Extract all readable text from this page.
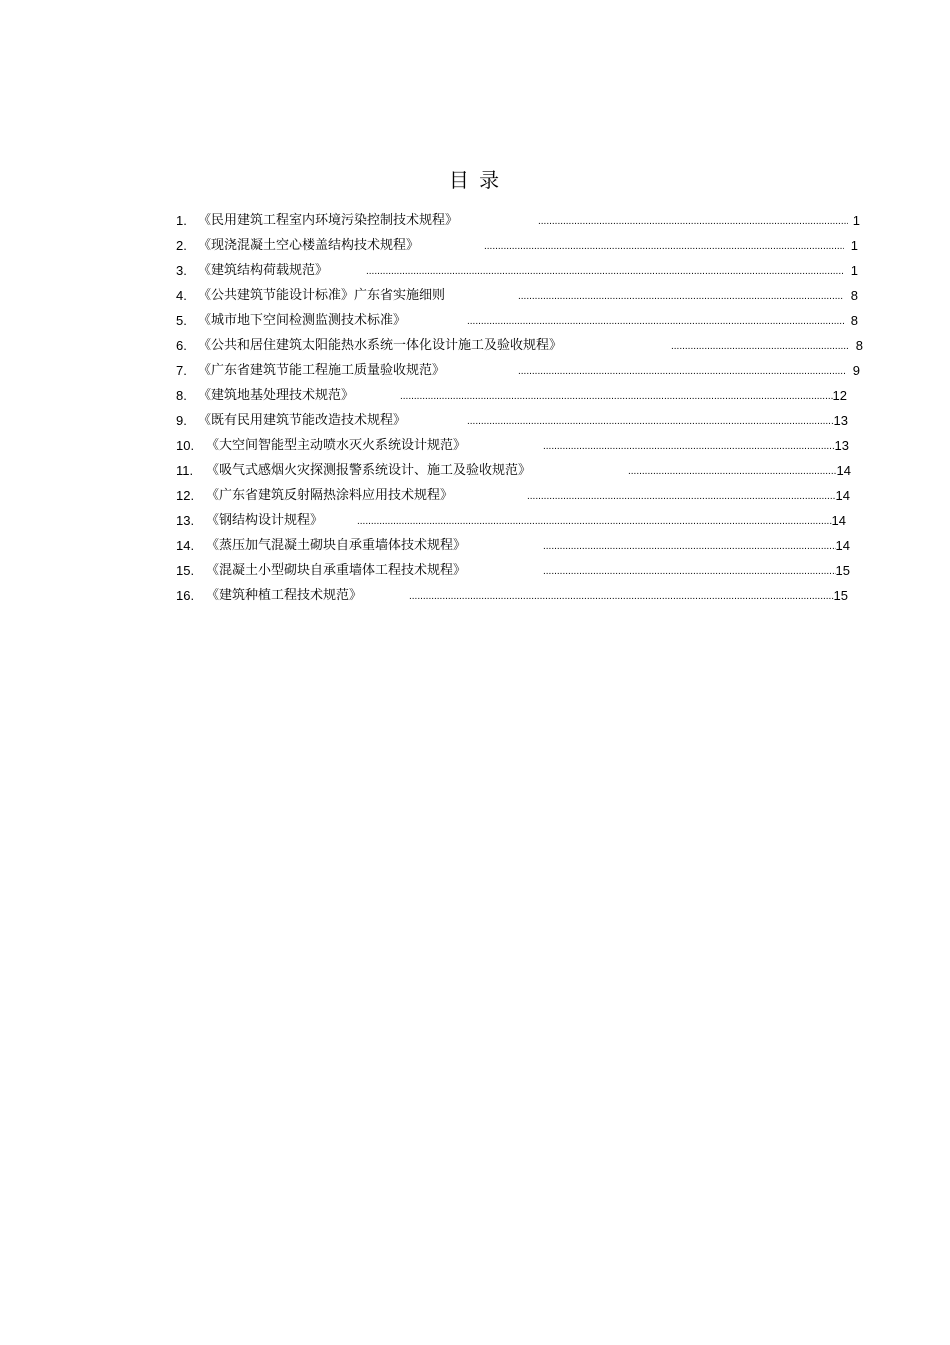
目 录
1. 《民用建筑工程室内环境污染控制技术规程》 .....	1
2. 《现浇混凝土空心楼盖结构技术规程》 .....	1
3. 《建筑结构荷载规范》 .....	1
4. 《公共建筑节能设计标准》广东省实施细则 .....	8
5. 《城市地下空间检测监测技术标准》 .....	8
6. 《公共和居住建筑太阳能热水系统一体化设计施工及验收规程》 .....	8
7. 《广东省建筑节能工程施工质量验收规范》 .....	9
8. 《建筑地基处理技术规范》 .....	12
9. 《既有民用建筑节能改造技术规程》 .....	13
10. 《大空间智能型主动喷水灭火系统设计规范》 .....	13
11. 《吸气式感烟火灾探测报警系统设计、施工及验收规范》 .....	14
12. 《广东省建筑反射隔热涂料应用技术规程》 .....	14
13. 《钢结构设计规程》 .....	14
14. 《蒸压加气混凝土砌块自承重墙体技术规程》 .....	14
15. 《混凝土小型砌块自承重墙体工程技术规程》 .....	15
16. 《建筑种植工程技术规范》 .....	15
